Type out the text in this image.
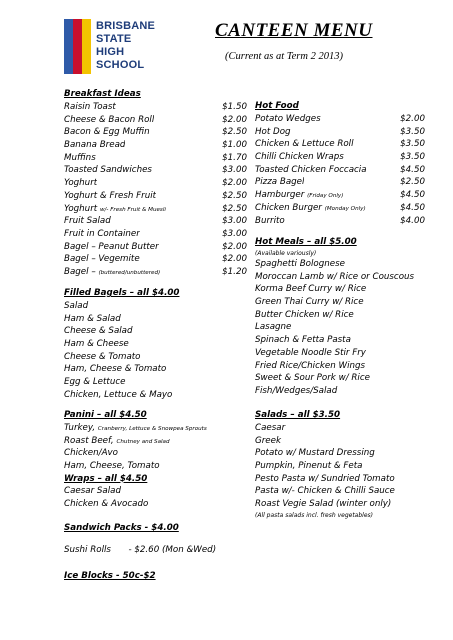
BRISBANE
STATE
HIGH
SCHOOL
CANTEEN MENU
(Current as at Term 2 2013)
Breakfast Ideas
Raisin Toast	$1.50
Cheese & Bacon Roll	$2.00
Bacon & Egg Muffin	$2.50
Banana Bread	$1.00
Muffins	$1.70
Toasted Sandwiches	$3.00
Yoghurt	$2.00
Yoghurt & Fresh Fruit	$2.50
Yoghurt w/- Fresh Fruit & Muesli	$2.50
Fruit Salad	$3.00
Fruit in Container	$3.00
Bagel – Peanut Butter	$2.00
Bagel – Vegemite	$2.00
Bagel – (buttered/unbuttered)	$1.20
Filled Bagels – all $4.00
Salad
Ham & Salad
Cheese & Salad
Ham & Cheese
Cheese & Tomato
Ham, Cheese & Tomato
Egg & Lettuce
Chicken, Lettuce & Mayo
Panini – all $4.50
Turkey, Cranberry, Lettuce & Snowpea Sprouts
Roast Beef, Chutney and Salad
Chicken/Avo
Ham, Cheese, Tomato
Wraps – all $4.50
Caesar Salad
Chicken & Avocado
Sandwich Packs - $4.00
Sushi Rolls - $2.60 (Mon &Wed)
Ice Blocks - 50c-$2
Hot Food
Potato Wedges	$2.00
Hot Dog	$3.50
Chicken & Lettuce Roll	$3.50
Chilli Chicken Wraps	$3.50
Toasted Chicken Foccacia	$4.50
Pizza Bagel	$2.50
Hamburger (Friday Only)	$4.50
Chicken Burger (Monday Only)	$4.50
Burrito	$4.00
Hot Meals – all $5.00
(Available variously)
Spaghetti Bolognese
Moroccan Lamb w/ Rice or Couscous
Korma Beef Curry w/ Rice
Green Thai Curry w/ Rice
Butter Chicken w/ Rice
Lasagne
Spinach & Fetta Pasta
Vegetable Noodle Stir Fry
Fried Rice/Chicken Wings
Sweet & Sour Pork w/ Rice
Fish/Wedges/Salad
Salads – all $3.50
Caesar
Greek
Potato w/ Mustard Dressing
Pumpkin, Pinenut & Feta
Pesto Pasta w/ Sundried Tomato
Pasta w/- Chicken & Chilli Sauce
Roast Vegie Salad (winter only)
(All pasta salads incl. fresh vegetables)
